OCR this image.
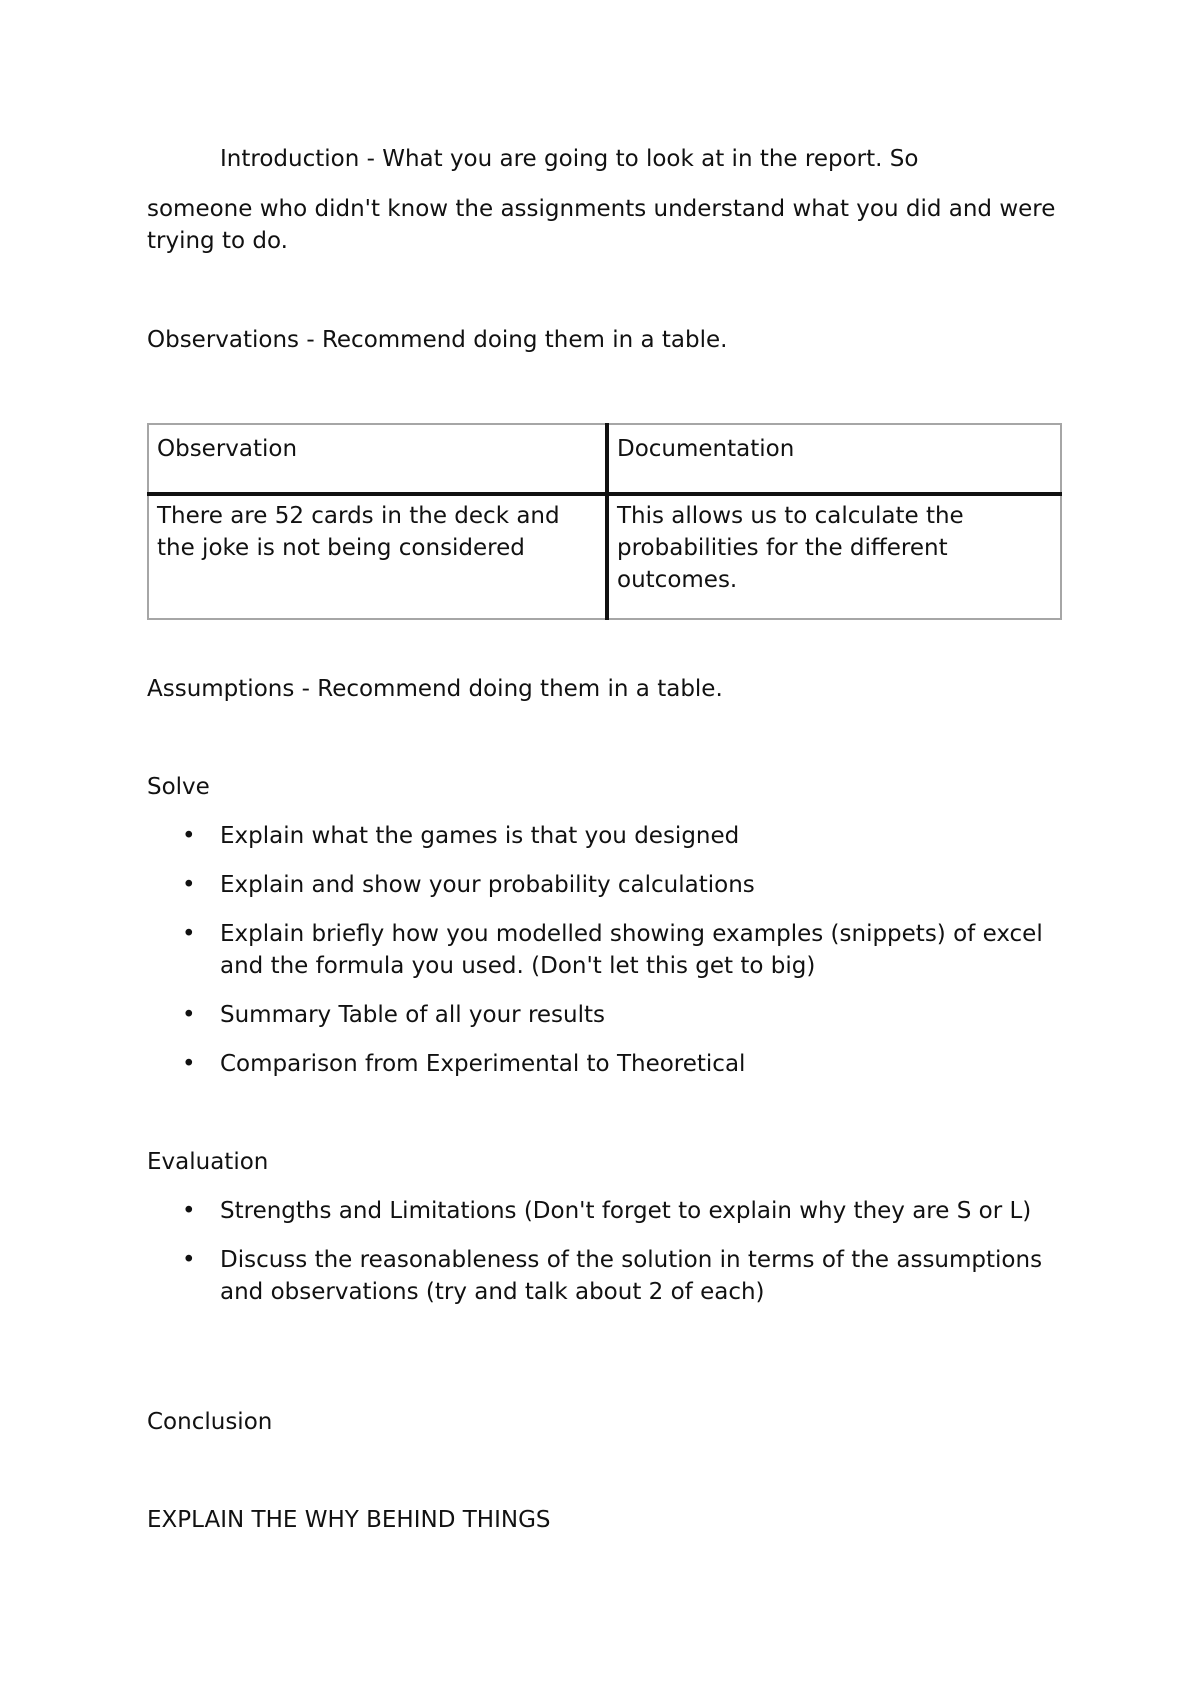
Introduction - What you are going to look at in the report. So

someone who didn't know the assignments understand what you did and were trying to do.

Observations - Recommend doing them in a table.

Observation	Documentation
There are 52 cards in the deck and the joke is not being considered	This allows us to calculate the probabilities for the different outcomes.

Assumptions - Recommend doing them in a table.

Solve

• Explain what the games is that you designed
• Explain and show your probability calculations
• Explain briefly how you modelled showing examples (snippets) of excel and the formula you used. (Don't let this get to big)
• Summary Table of all your results
• Comparison from Experimental to Theoretical

Evaluation

• Strengths and Limitations (Don't forget to explain why they are S or L)
• Discuss the reasonableness of the solution in terms of the assumptions and observations (try and talk about 2 of each)

Conclusion

EXPLAIN THE WHY BEHIND THINGS
